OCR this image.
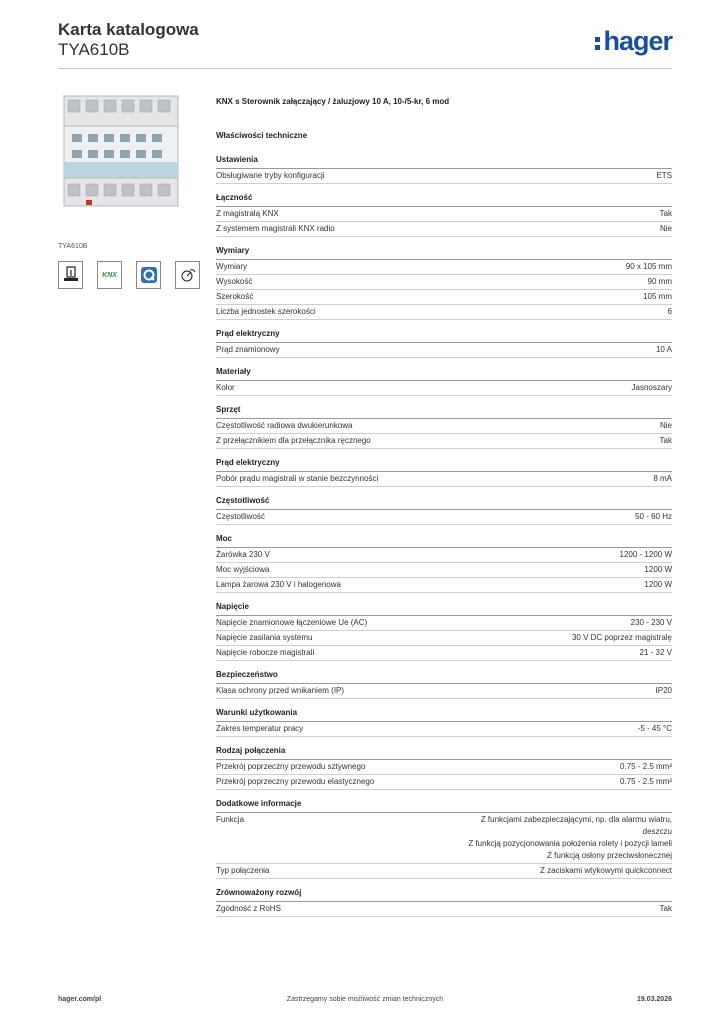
Karta katalogowa
TYA610B	hager
TYA610B
KNX
KNX s Sterownik załączający / żaluzjowy 10 A, 10-/5-kr, 6 mod
Właściwości techniczne
Ustawienia
Obsługiwane tryby konfiguracji	ETS
Łączność
Z magistralą KNX	Tak
Z systemem magistrali KNX radio	Nie
Wymiary
Wymiary	90 x 105 mm
Wysokość	90 mm
Szerokość	105 mm
Liczba jednostek szerokości	6
Prąd elektryczny
Prąd znamionowy	10 A
Materiały
Kolor	Jasnoszary
Sprzęt
Częstotliwość radiowa dwukierunkowa	Nie
Z przełącznikiem dla przełącznika ręcznego	Tak
Prąd elektryczny
Pobór prądu magistrali w stanie bezczynności	8 mA
Częstotliwość
Częstotliwość	50 - 60 Hz
Moc
Żarówka 230 V	1200 - 1200 W
Moc wyjściowa	1200 W
Lampa żarowa 230 V i halogenowa	1200 W
Napięcie
Napięcie znamionowe łączeniowe Ue (AC)	230 - 230 V
Napięcie zasilania systemu	30 V DC poprzez magistralę
Napięcie robocze magistrali	21 - 32 V
Bezpieczeństwo
Klasa ochrony przed wnikaniem (IP)	IP20
Warunki użytkowania
Zakres temperatur pracy	-5 - 45 °C
Rodzaj połączenia
Przekrój poprzeczny przewodu sztywnego	0.75 - 2.5 mm²
Przekrój poprzeczny przewodu elastycznego	0.75 - 2.5 mm²
Dodatkowe informacje
Funkcja	Z funkcjami zabezpieczającymi, np. dla alarmu wiatru,
deszczu
Z funkcją pozycjonowania położenia rolety i pozycji lameli
Z funkcją osłony przeciwsłonecznej
Typ połączenia	Z zaciskami wtykowymi quickconnect
Zrównoważony rozwój
Zgodność z RoHS	Tak
hager.com/pl	Zastrzegamy sobie możliwość zmian technicznych	19.03.2026
